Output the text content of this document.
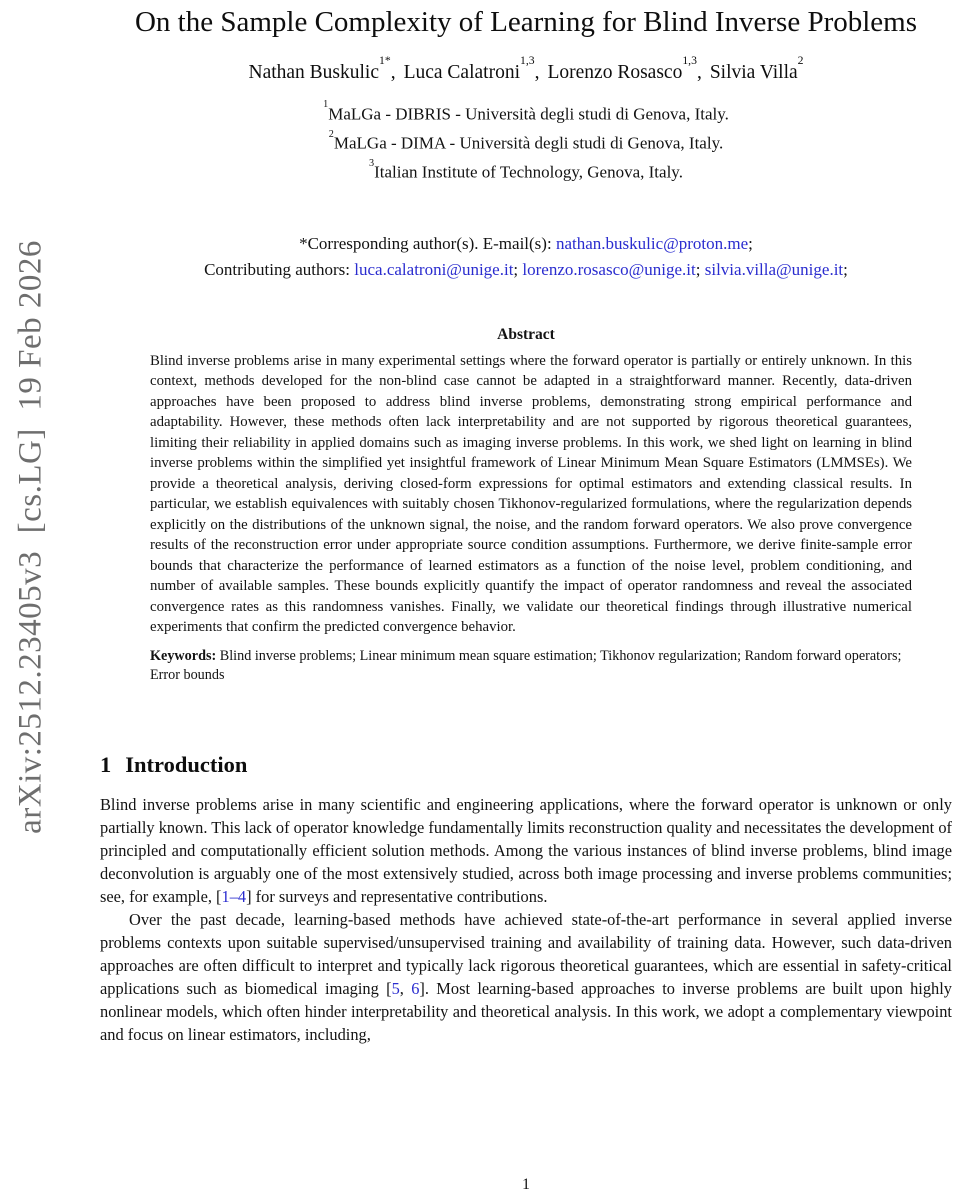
arXiv:2512.23405v3  [cs.LG]  19 Feb 2026
On the Sample Complexity of Learning for Blind Inverse Problems
Nathan Buskulic$^{1*}$, Luca Calatroni$^{1,3}$, Lorenzo Rosasco$^{1,3}$, Silvia Villa$^2$
$^1$MaLGa - DIBRIS - Università degli studi di Genova, Italy.
$^2$MaLGa - DIMA - Università degli studi di Genova, Italy.
$^3$Italian Institute of Technology, Genova, Italy.
*Corresponding author(s). E-mail(s): nathan.buskulic@proton.me;
Contributing authors: luca.calatroni@unige.it; lorenzo.rosasco@unige.it; silvia.villa@unige.it;
Abstract

Blind inverse problems arise in many experimental settings where the forward operator is partially or entirely unknown. In this context, methods developed for the non-blind case cannot be adapted in a straightforward manner. Recently, data-driven approaches have been proposed to address blind inverse problems, demonstrating strong empirical performance and adaptability. However, these methods often lack interpretability and are not supported by rigorous theoretical guarantees, limiting their reliability in applied domains such as imaging inverse problems. In this work, we shed light on learning in blind inverse problems within the simplified yet insightful framework of Linear Minimum Mean Square Estimators (LMMSEs). We provide a theoretical analysis, deriving closed-form expressions for optimal estimators and extending classical results. In particular, we establish equivalences with suitably chosen Tikhonov-regularized formulations, where the regularization depends explicitly on the distributions of the unknown signal, the noise, and the random forward operators. We also prove convergence results of the reconstruction error under appropriate source condition assumptions. Furthermore, we derive finite-sample error bounds that characterize the performance of learned estimators as a function of the noise level, problem conditioning, and number of available samples. These bounds explicitly quantify the impact of operator randomness and reveal the associated convergence rates as this randomness vanishes. Finally, we validate our theoretical findings through illustrative numerical experiments that confirm the predicted convergence behavior.

Keywords: Blind inverse problems; Linear minimum mean square estimation; Tikhonov regularization; Random forward operators; Error bounds
1 Introduction

Blind inverse problems arise in many scientific and engineering applications, where the forward operator is unknown or only partially known. This lack of operator knowledge fundamentally limits reconstruction quality and necessitates the development of principled and computationally efficient solution methods. Among the various instances of blind inverse problems, blind image deconvolution is arguably one of the most extensively studied, across both image processing and inverse problems communities; see, for example, [1–4] for surveys and representative contributions.

Over the past decade, learning-based methods have achieved state-of-the-art performance in several applied inverse problems contexts upon suitable supervised/unsupervised training and availability of training data. However, such data-driven approaches are often difficult to interpret and typically lack rigorous theoretical guarantees, which are essential in safety-critical applications such as biomedical imaging [5, 6]. Most learning-based approaches to inverse problems are built upon highly nonlinear models, which often hinder interpretability and theoretical analysis. In this work, we adopt a complementary viewpoint and focus on linear estimators, including,

1
